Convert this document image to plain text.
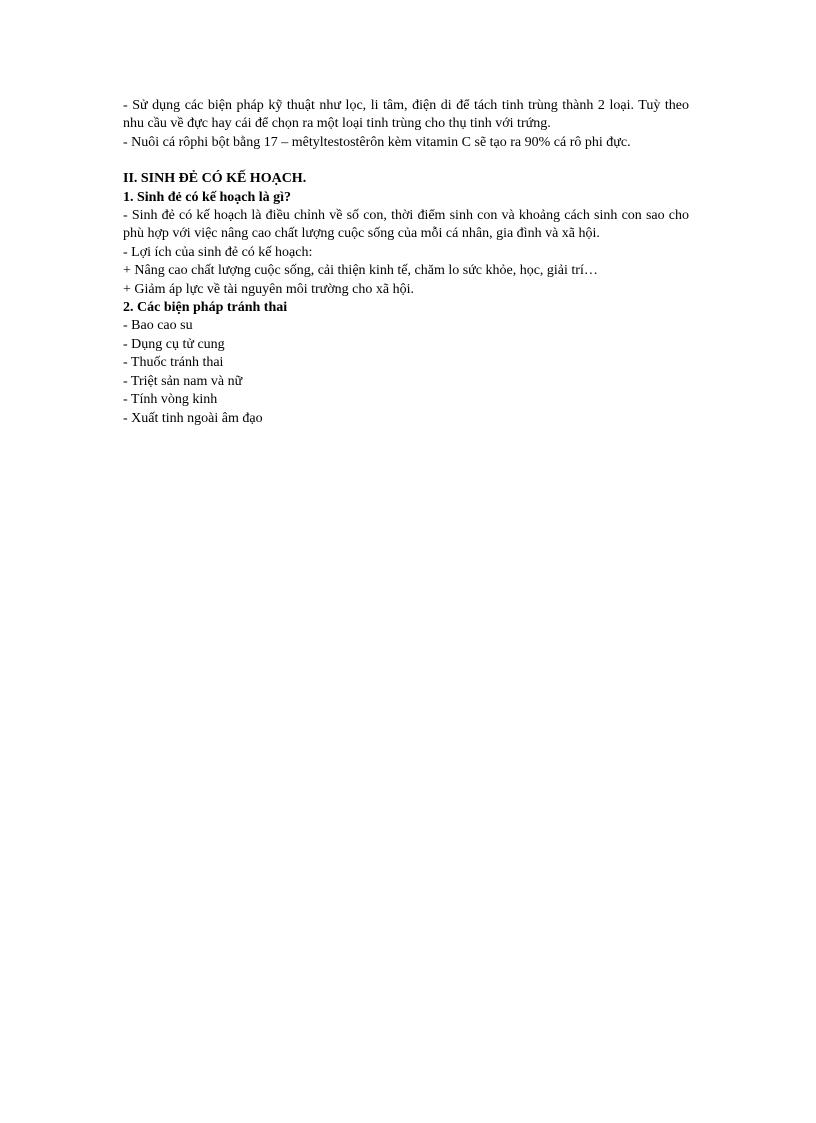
- Sử dụng các biện pháp kỹ thuật như lọc, li tâm, điện di để tách tinh trùng thành 2 loại. Tuỳ theo nhu cầu về đực hay cái để chọn ra một loại tinh trùng cho thụ tinh với trứng.

- Nuôi cá rôphi bột bằng 17 – mêtyltestostêrôn kèm vitamin C sẽ tạo ra 90% cá rô phi đực.

II. SINH ĐẺ CÓ KẾ HOẠCH.

1. Sinh đẻ có kế hoạch là gì?

- Sinh đẻ có kế hoạch là điều chỉnh về số con, thời điểm sinh con và khoảng cách sinh con sao cho phù hợp với việc nâng cao chất lượng cuộc sống của mỗi cá nhân, gia đình và xã hội.

- Lợi ích của sinh đẻ có kế hoạch:

+ Nâng cao chất lượng cuộc sống, cải thiện kinh tế, chăm lo sức khỏe, học, giải trí…

+ Giảm áp lực về tài nguyên môi trường cho xã hội.

2. Các biện pháp tránh thai

- Bao cao su

- Dụng cụ tử cung

- Thuốc tránh thai

- Triệt sản nam và nữ

- Tính vòng kinh

- Xuất tinh ngoài âm đạo
